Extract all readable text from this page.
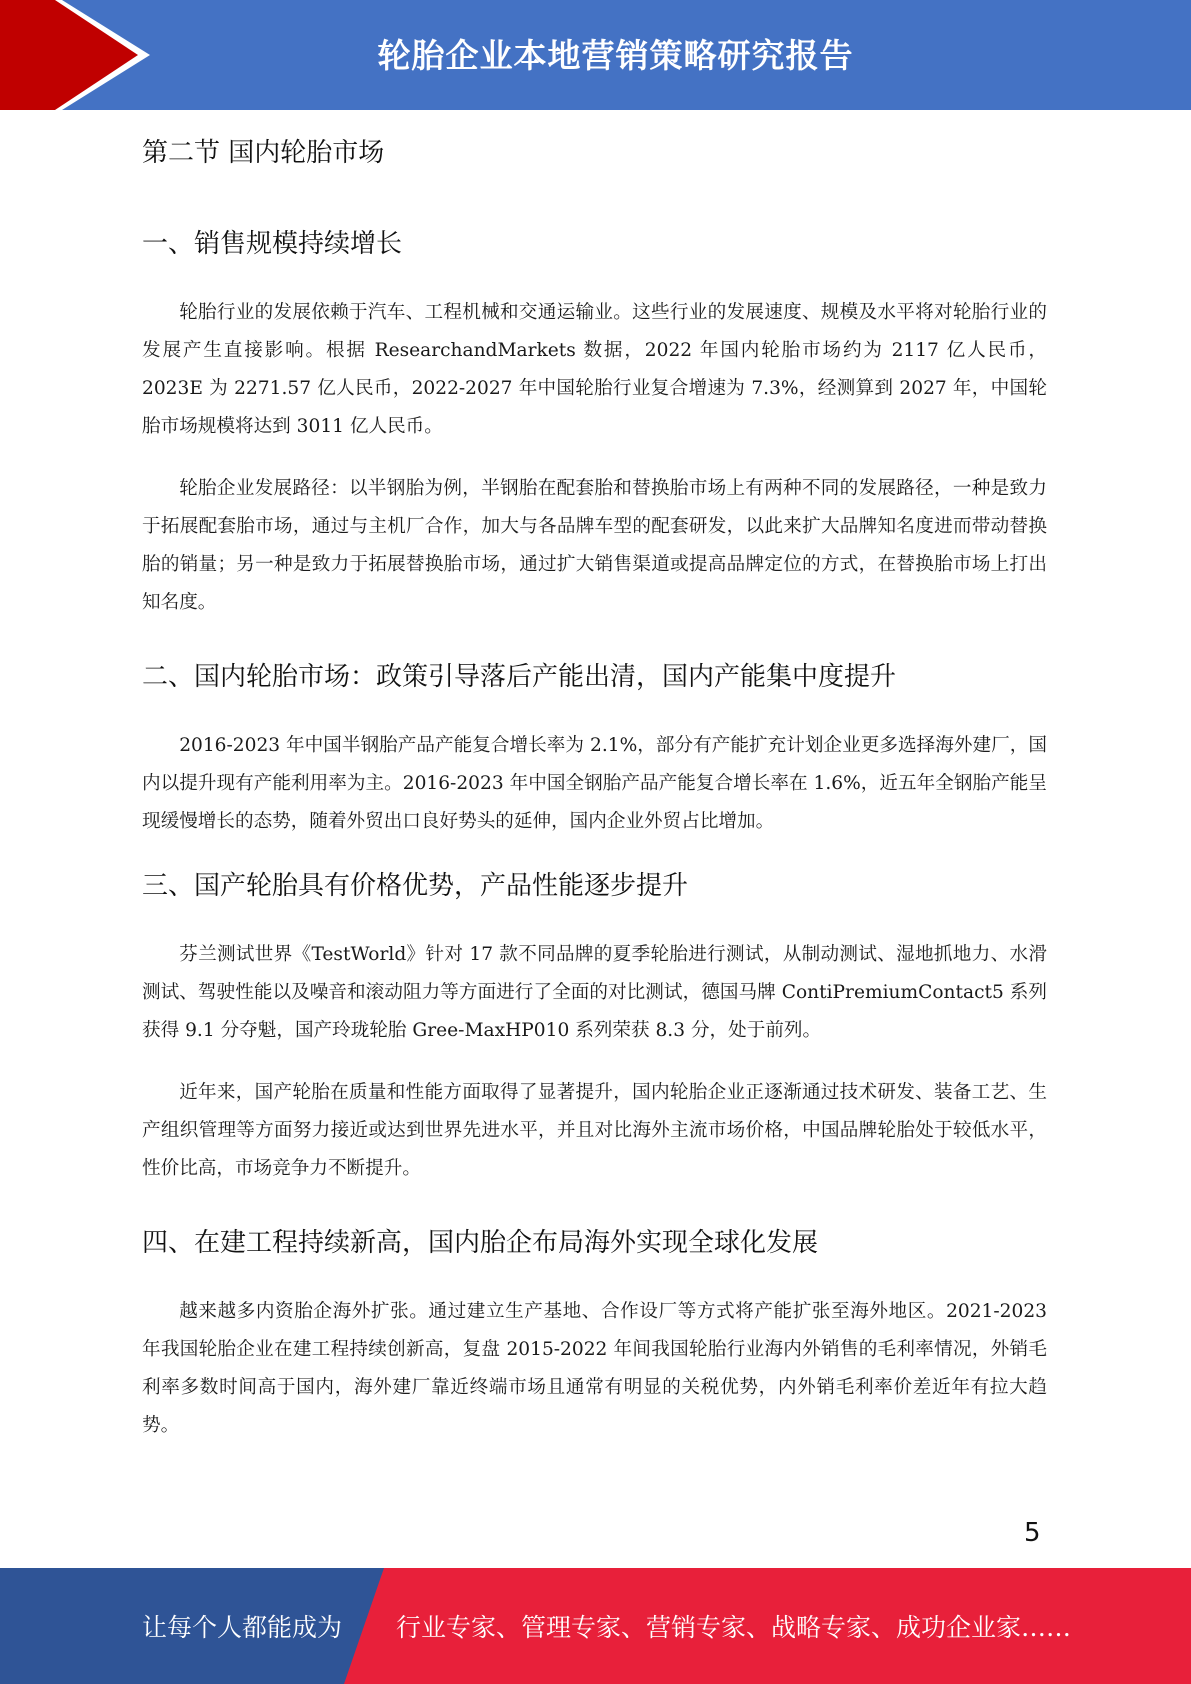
轮胎企业本地营销策略研究报告
第二节 国内轮胎市场
一、销售规模持续增长

轮胎行业的发展依赖于汽车、工程机械和交通运输业。这些行业的发展速度、规模及水平将对轮胎行业的发展产生直接影响。根据 ResearchandMarkets 数据，2022 年国内轮胎市场约为 2117 亿人民币，2023E 为 2271.57 亿人民币，2022-2027 年中国轮胎行业复合增速为 7.3%，经测算到 2027 年，中国轮胎市场规模将达到 3011 亿人民币。

轮胎企业发展路径：以半钢胎为例，半钢胎在配套胎和替换胎市场上有两种不同的发展路径，一种是致力于拓展配套胎市场，通过与主机厂合作，加大与各品牌车型的配套研发，以此来扩大品牌知名度进而带动替换胎的销量；另一种是致力于拓展替换胎市场，通过扩大销售渠道或提高品牌定位的方式，在替换胎市场上打出知名度。

二、国内轮胎市场：政策引导落后产能出清，国内产能集中度提升

2016-2023 年中国半钢胎产品产能复合增长率为 2.1%，部分有产能扩充计划企业更多选择海外建厂，国内以提升现有产能利用率为主。2016-2023 年中国全钢胎产品产能复合增长率在 1.6%，近五年全钢胎产能呈现缓慢增长的态势，随着外贸出口良好势头的延伸，国内企业外贸占比增加。

三、国产轮胎具有价格优势，产品性能逐步提升

芬兰测试世界《TestWorld》针对 17 款不同品牌的夏季轮胎进行测试，从制动测试、湿地抓地力、水滑测试、驾驶性能以及噪音和滚动阻力等方面进行了全面的对比测试，德国马牌 ContiPremiumContact5 系列获得 9.1 分夺魁，国产玲珑轮胎 Gree-MaxHP010 系列荣获 8.3 分，处于前列。

近年来，国产轮胎在质量和性能方面取得了显著提升，国内轮胎企业正逐渐通过技术研发、装备工艺、生产组织管理等方面努力接近或达到世界先进水平，并且对比海外主流市场价格，中国品牌轮胎处于较低水平，性价比高，市场竞争力不断提升。

四、在建工程持续新高，国内胎企布局海外实现全球化发展

越来越多内资胎企海外扩张。通过建立生产基地、合作设厂等方式将产能扩张至海外地区。2021-2023 年我国轮胎企业在建工程持续创新高，复盘 2015-2022 年间我国轮胎行业海内外销售的毛利率情况，外销毛利率多数时间高于国内，海外建厂靠近终端市场且通常有明显的关税优势，内外销毛利率价差近年有拉大趋势。

5
让每个人都能成为 行业专家、管理专家、营销专家、战略专家、成功企业家……
